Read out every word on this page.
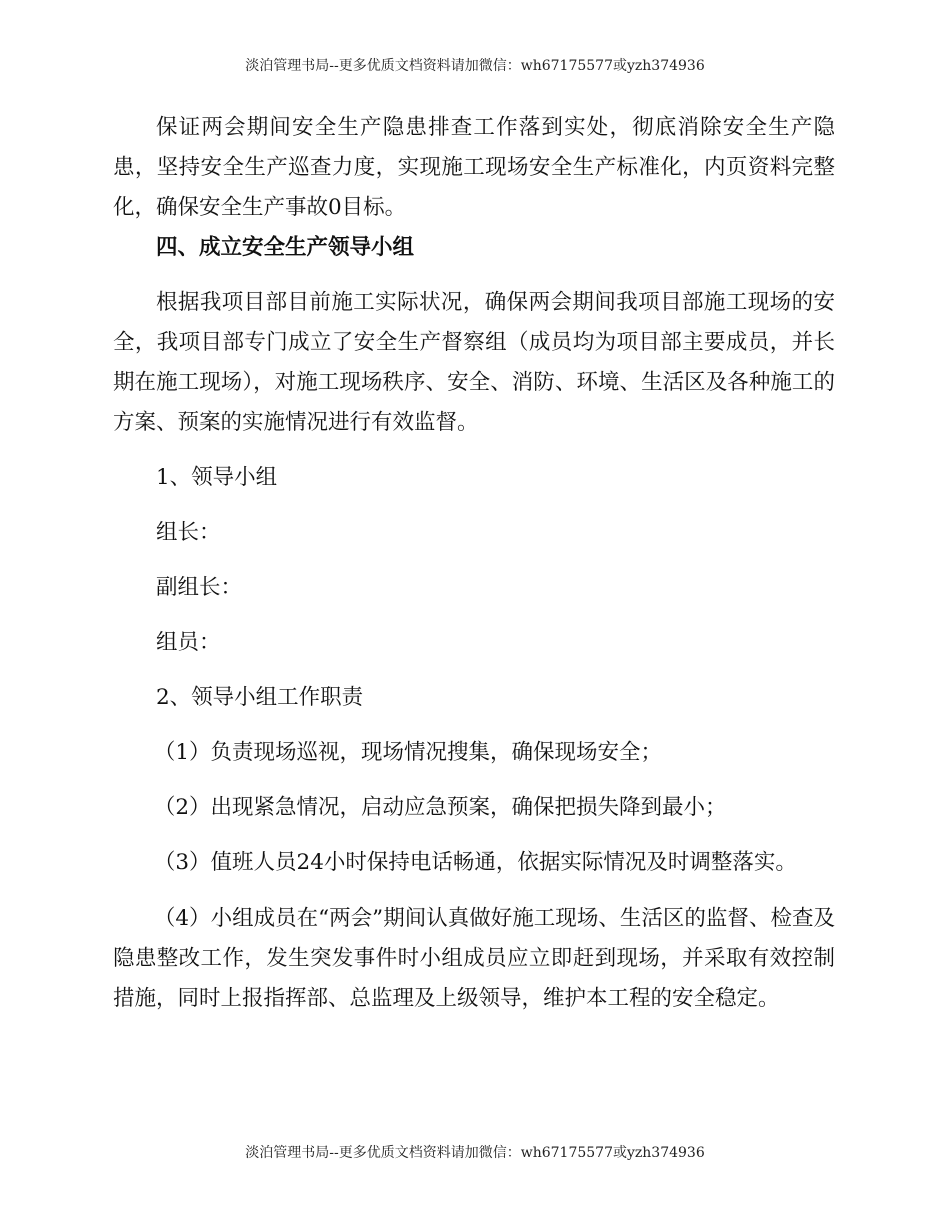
淡泊管理书局--更多优质文档资料请加微信：wh67175577或yzh374936

保证两会期间安全生产隐患排查工作落到实处，彻底消除安全生产隐患，坚持安全生产巡查力度，实现施工现场安全生产标准化，内页资料完整化，确保安全生产事故0目标。

四、成立安全生产领导小组

根据我项目部目前施工实际状况，确保两会期间我项目部施工现场的安全，我项目部专门成立了安全生产督察组（成员均为项目部主要成员，并长期在施工现场），对施工现场秩序、安全、消防、环境、生活区及各种施工的方案、预案的实施情况进行有效监督。

1、领导小组

组长：

副组长：

组员：

2、领导小组工作职责

（1）负责现场巡视，现场情况搜集，确保现场安全；

（2）出现紧急情况，启动应急预案，确保把损失降到最小；

（3）值班人员24小时保持电话畅通，依据实际情况及时调整落实。

（4）小组成员在“两会”期间认真做好施工现场、生活区的监督、检查及隐患整改工作，发生突发事件时小组成员应立即赶到现场，并采取有效控制措施，同时上报指挥部、总监理及上级领导，维护本工程的安全稳定。

淡泊管理书局--更多优质文档资料请加微信：wh67175577或yzh374936
